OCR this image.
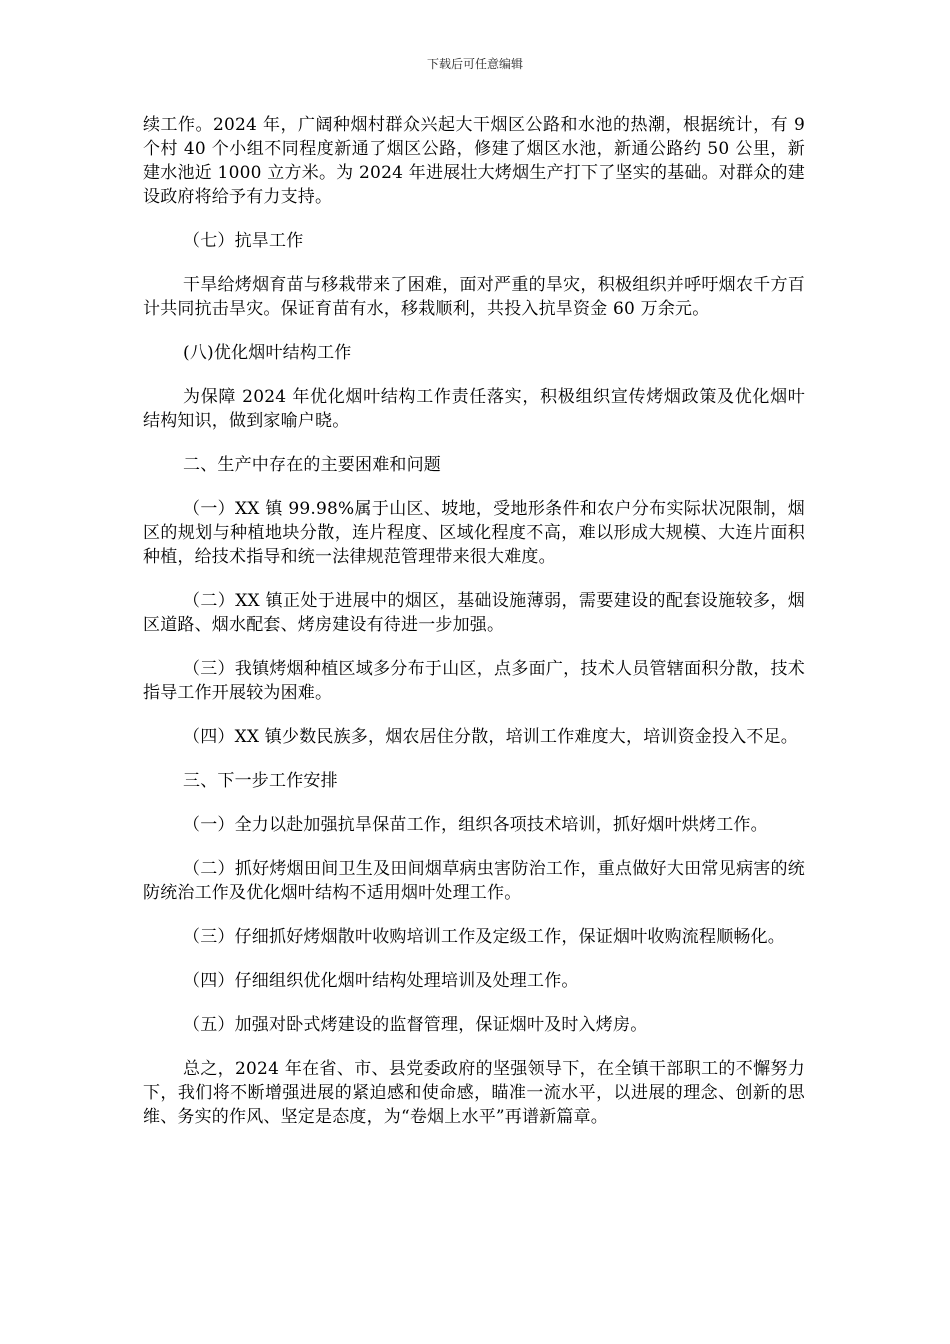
下载后可任意编辑

续工作。2024 年，广阔种烟村群众兴起大干烟区公路和水池的热潮，根据统计，有 9 个村 40 个小组不同程度新通了烟区公路，修建了烟区水池，新通公路约 50 公里，新建水池近 1000 立方米。为 2024 年进展壮大烤烟生产打下了坚实的基础。对群众的建设政府将给予有力支持。

（七）抗旱工作

干旱给烤烟育苗与移栽带来了困难，面对严重的旱灾，积极组织并呼吁烟农千方百计共同抗击旱灾。保证育苗有水，移栽顺利，共投入抗旱资金 60 万余元。

(八)优化烟叶结构工作

为保障 2024 年优化烟叶结构工作责任落实，积极组织宣传烤烟政策及优化烟叶结构知识，做到家喻户晓。

二、生产中存在的主要困难和问题

（一）XX 镇 99.98%属于山区、坡地，受地形条件和农户分布实际状况限制，烟区的规划与种植地块分散，连片程度、区域化程度不高，难以形成大规模、大连片面积种植，给技术指导和统一法律规范管理带来很大难度。

（二）XX 镇正处于进展中的烟区，基础设施薄弱，需要建设的配套设施较多，烟区道路、烟水配套、烤房建设有待进一步加强。

（三）我镇烤烟种植区域多分布于山区，点多面广，技术人员管辖面积分散，技术指导工作开展较为困难。

（四）XX 镇少数民族多，烟农居住分散，培训工作难度大，培训资金投入不足。

三、下一步工作安排

（一）全力以赴加强抗旱保苗工作，组织各项技术培训，抓好烟叶烘烤工作。

（二）抓好烤烟田间卫生及田间烟草病虫害防治工作，重点做好大田常见病害的统防统治工作及优化烟叶结构不适用烟叶处理工作。

（三）仔细抓好烤烟散叶收购培训工作及定级工作，保证烟叶收购流程顺畅化。

（四）仔细组织优化烟叶结构处理培训及处理工作。

（五）加强对卧式烤建设的监督管理，保证烟叶及时入烤房。

总之，2024 年在省、市、县党委政府的坚强领导下，在全镇干部职工的不懈努力下，我们将不断增强进展的紧迫感和使命感，瞄准一流水平，以进展的理念、创新的思维、务实的作风、坚定是态度，为“卷烟上水平”再谱新篇章。
